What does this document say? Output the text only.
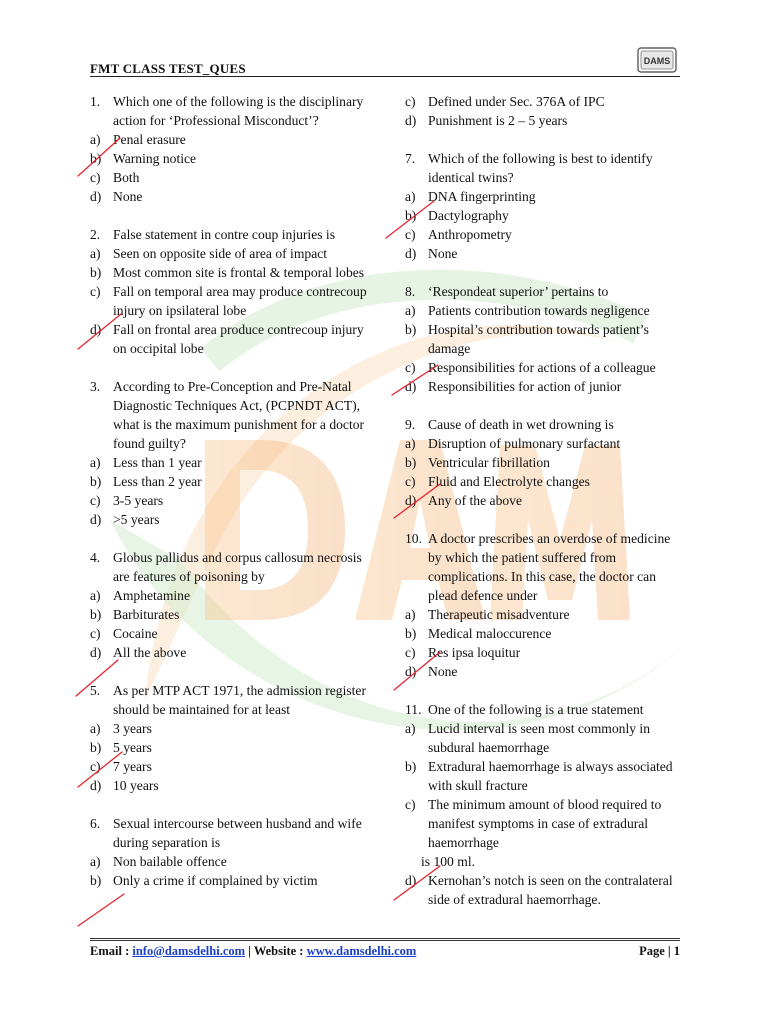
FMT CLASS TEST_QUES	DAMS
1. Which one of the following is the disciplinary action for ‘Professional Misconduct’?
a) Penal erasure
b) Warning notice
c) Both
d) None
2. False statement in contre coup injuries is
a) Seen on opposite side of area of impact
b) Most common site is frontal & temporal lobes
c) Fall on temporal area may produce contrecoup injury on ipsilateral lobe
d) Fall on frontal area produce contrecoup injury on occipital lobe
3. According to Pre-Conception and Pre-Natal Diagnostic Techniques Act, (PCPNDT ACT), what is the maximum punishment for a doctor found guilty?
a) Less than 1 year
b) Less than 2 year
c) 3-5 years
d) >5 years
4. Globus pallidus and corpus callosum necrosis are features of poisoning by
a) Amphetamine
b) Barbiturates
c) Cocaine
d) All the above
5. As per MTP ACT 1971, the admission register should be maintained for at least
a) 3 years
b) 5 years
c) 7 years
d) 10 years
6. Sexual intercourse between husband and wife during separation is
a) Non bailable offence
b) Only a crime if complained by victim
c) Defined under Sec. 376A of IPC
d) Punishment is 2 – 5 years
7. Which of the following is best to identify identical twins?
a) DNA fingerprinting
b) Dactylography
c) Anthropometry
d) None
8. ‘Respondeat superior’ pertains to
a) Patients contribution towards negligence
b) Hospital’s contribution towards patient’s damage
c) Responsibilities for actions of a colleague
d) Responsibilities for action of junior
9. Cause of death in wet drowning is
a) Disruption of pulmonary surfactant
b) Ventricular fibrillation
c) Fluid and Electrolyte changes
d) Any of the above
10. A doctor prescribes an overdose of medicine by which the patient suffered from complications. In this case, the doctor can plead defence under
a) Therapeutic misadventure
b) Medical maloccurence
c) Res ipsa loquitur
d) None
11. One of the following is a true statement
a) Lucid interval is seen most commonly in subdural haemorrhage
b) Extradural haemorrhage is always associated with skull fracture
c) The minimum amount of blood required to manifest symptoms in case of extradural haemorrhage
is 100 ml.
d) Kernohan’s notch is seen on the contralateral side of extradural haemorrhage.
Email : info@damsdelhi.com | Website : www.damsdelhi.com	Page | 1
